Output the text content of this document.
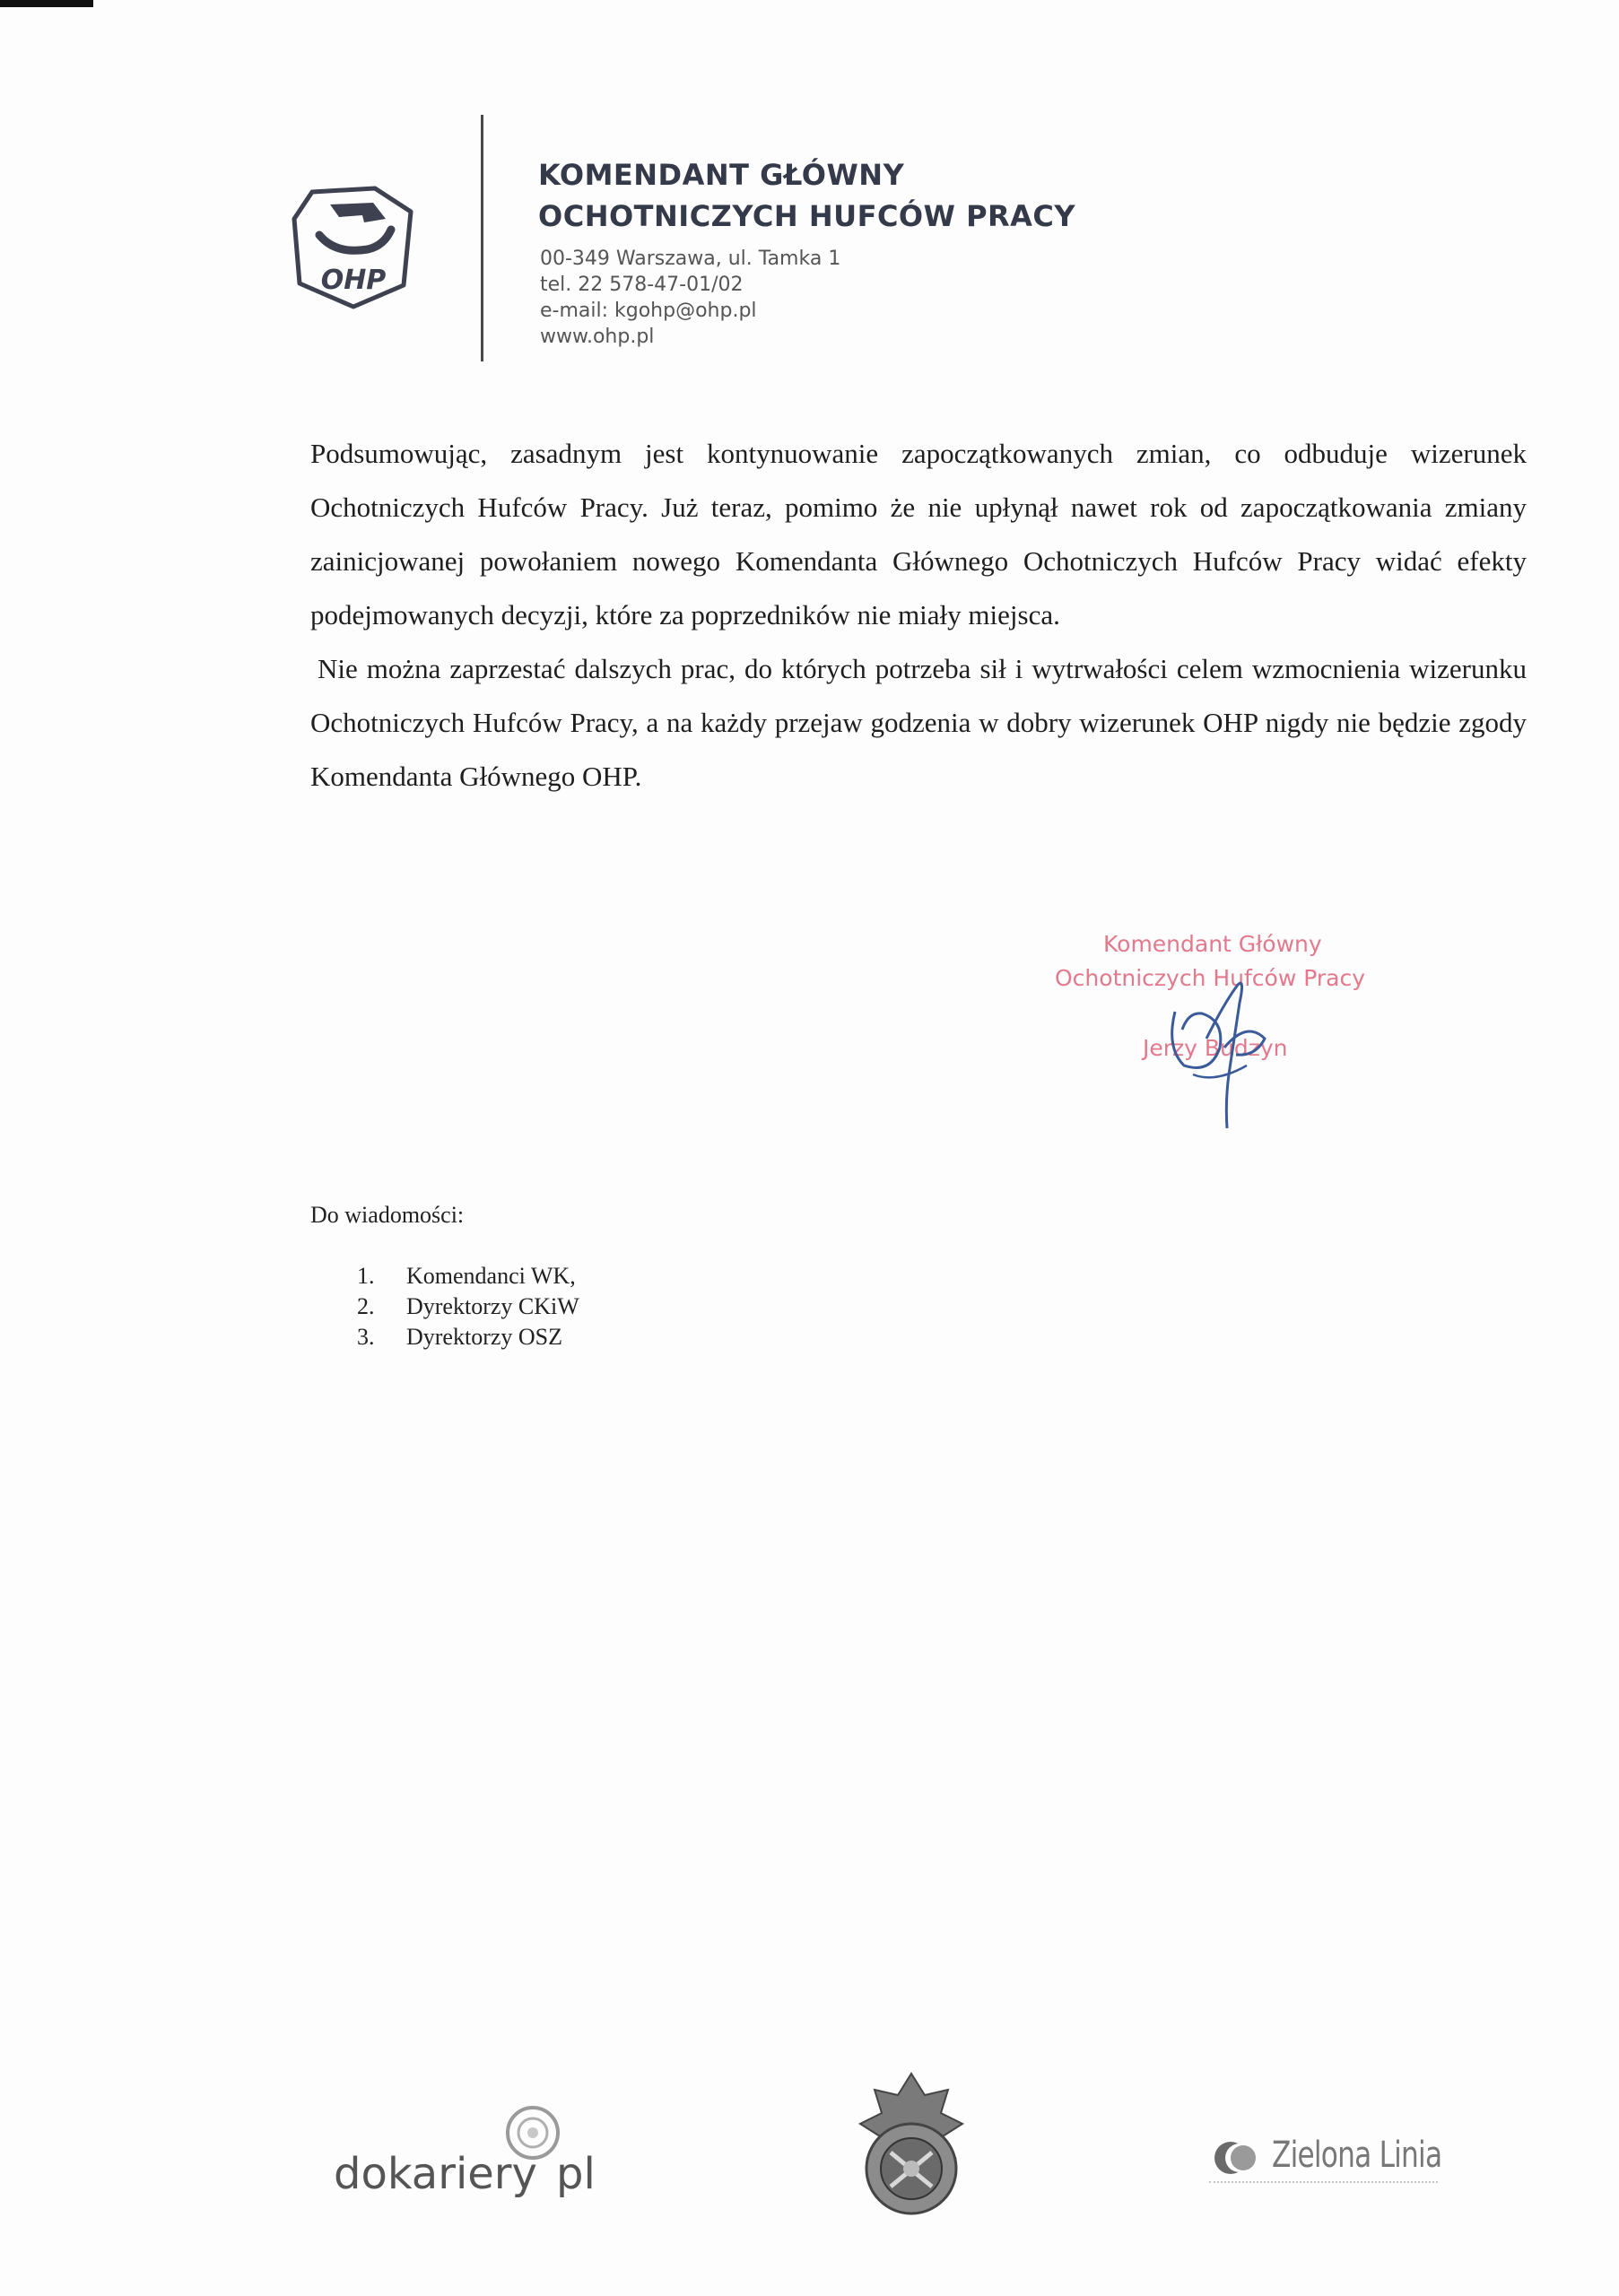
OHP
KOMENDANT GŁÓWNY
OCHOTNICZYCH HUFCÓW PRACY
00-349 Warszawa, ul. Tamka 1
tel. 22 578-47-01/02
e-mail: kgohp@ohp.pl
www.ohp.pl

Podsumowując, zasadnym jest kontynuowanie zapoczątkowanych zmian, co odbuduje wizerunek Ochotniczych Hufców Pracy. Już teraz, pomimo że nie upłynął nawet rok od zapoczątkowania zmiany zainicjowanej powołaniem nowego Komendanta Głównego Ochotniczych Hufców Pracy widać efekty podejmowanych decyzji, które za poprzedników nie miały miejsca.

Nie można zaprzestać dalszych prac, do których potrzeba sił i wytrwałości celem wzmocnienia wizerunku Ochotniczych Hufców Pracy, a na każdy przejaw godzenia w dobry wizerunek OHP nigdy nie będzie zgody Komendanta Głównego OHP.

Komendant Główny
Ochotniczych Hufców Pracy
Jerzy Budzyn
Do wiadomości:
1.	Komendanci WK,
2.	Dyrektorzy CKiW
3.	Dyrektorzy OSZ
dokariery pl	Zielona Linia
